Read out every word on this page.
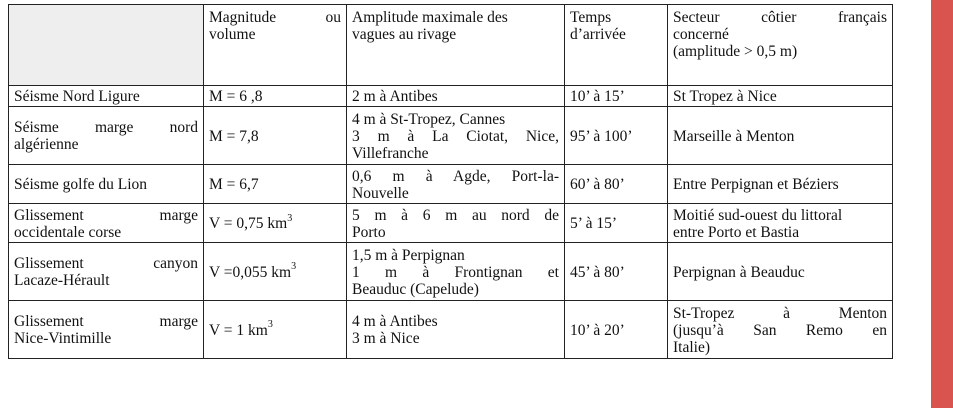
	Magnitude ou
volume	Amplitude maximale des
vagues au rivage	Temps
d’arrivée	Secteur côtier français
concerné
(amplitude > 0,5 m)

Séisme Nord Ligure	M = 6 ,8	2 m à Antibes	10’ à 15’	St Tropez à Nice

Séisme marge nord
algérienne	M = 7,8	4 m à St-Tropez, Cannes
3 m à La Ciotat, Nice,
Villefranche	95’ à 100’	Marseille à Menton

Séisme golfe du Lion	M = 6,7	0,6 m à Agde, Port-la-
Nouvelle	60’ à 80’	Entre Perpignan et Béziers

Glissement marge
occidentale corse	V = 0,75 $km^3$	5 m à 6 m au nord de
Porto	5’ à 15’	Moitié sud-ouest du littoral
entre Porto et Bastia

Glissement canyon
Lacaze-Hérault	V =0,055 $km^3$	1,5 m à Perpignan
1 m à Frontignan et
Beauduc (Capelude)	45’ à 80’	Perpignan à Beauduc

Glissement marge
Nice-Vintimille	V = 1 $km^3$	4 m à Antibes
3 m à Nice	10’ à 20’	St-Tropez à Menton
(jusqu’à San Remo en
Italie)
